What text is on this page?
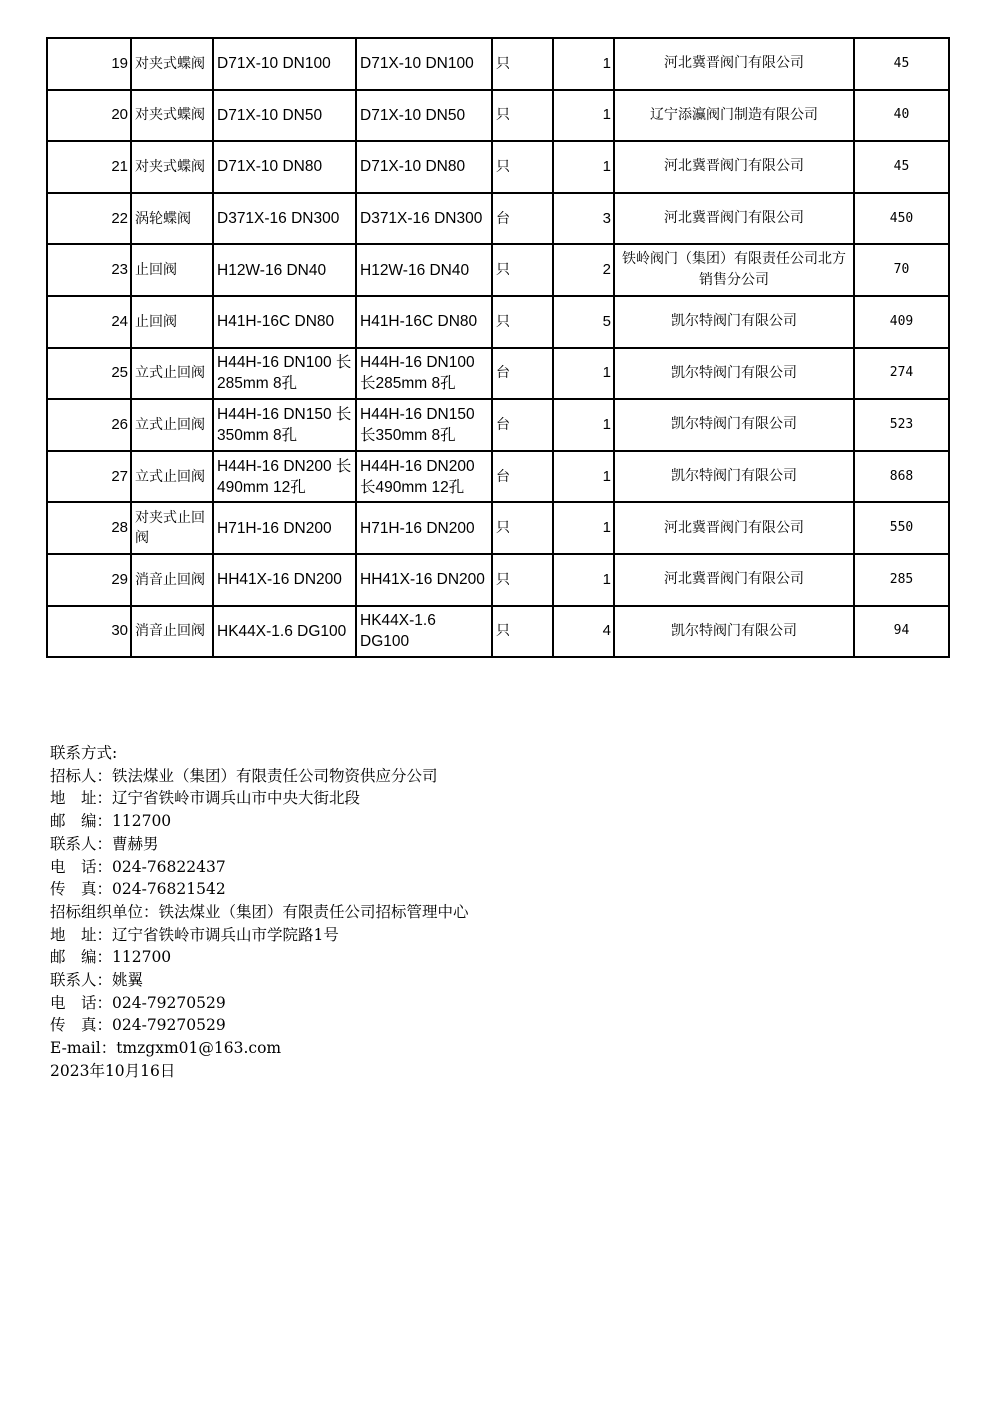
19	对夹式蝶阀	D71X-10 DN100	D71X-10 DN100	只	1	河北冀晋阀门有限公司	45
20	对夹式蝶阀	D71X-10 DN50	D71X-10 DN50	只	1	辽宁添灜阀门制造有限公司	40
21	对夹式蝶阀	D71X-10 DN80	D71X-10 DN80	只	1	河北冀晋阀门有限公司	45
22	涡轮蝶阀	D371X-16 DN300	D371X-16 DN300	台	3	河北冀晋阀门有限公司	450
23	止回阀	H12W-16 DN40	H12W-16 DN40	只	2	铁岭阀门（集团）有限责任公司北方销售分公司	70
24	止回阀	H41H-16C DN80	H41H-16C DN80	只	5	凯尔特阀门有限公司	409
25	立式止回阀	H44H-16 DN100 长285mm 8孔	H44H-16 DN100 长285mm 8孔	台	1	凯尔特阀门有限公司	274
26	立式止回阀	H44H-16 DN150 长350mm 8孔	H44H-16 DN150 长350mm 8孔	台	1	凯尔特阀门有限公司	523
27	立式止回阀	H44H-16 DN200 长490mm 12孔	H44H-16 DN200 长490mm 12孔	台	1	凯尔特阀门有限公司	868
28	对夹式止回阀	H71H-16 DN200	H71H-16 DN200	只	1	河北冀晋阀门有限公司	550
29	消音止回阀	HH41X-16 DN200	HH41X-16 DN200	只	1	河北冀晋阀门有限公司	285
30	消音止回阀	HK44X-1.6 DG100	HK44X-1.6 DG100	只	4	凯尔特阀门有限公司	94
联系方式:
招标人：铁法煤业（集团）有限责任公司物资供应分公司
地　址：辽宁省铁岭市调兵山市中央大街北段
邮　编：112700
联系人：曹赫男
电　话：024-76822437
传　真：024-76821542
招标组织单位：铁法煤业（集团）有限责任公司招标管理中心
地　址：辽宁省铁岭市调兵山市学院路1号
邮　编：112700
联系人：姚翼
电　话：024-79270529
传　真：024-79270529
E-mail：tmzgxm01@163.com
2023年10月16日
